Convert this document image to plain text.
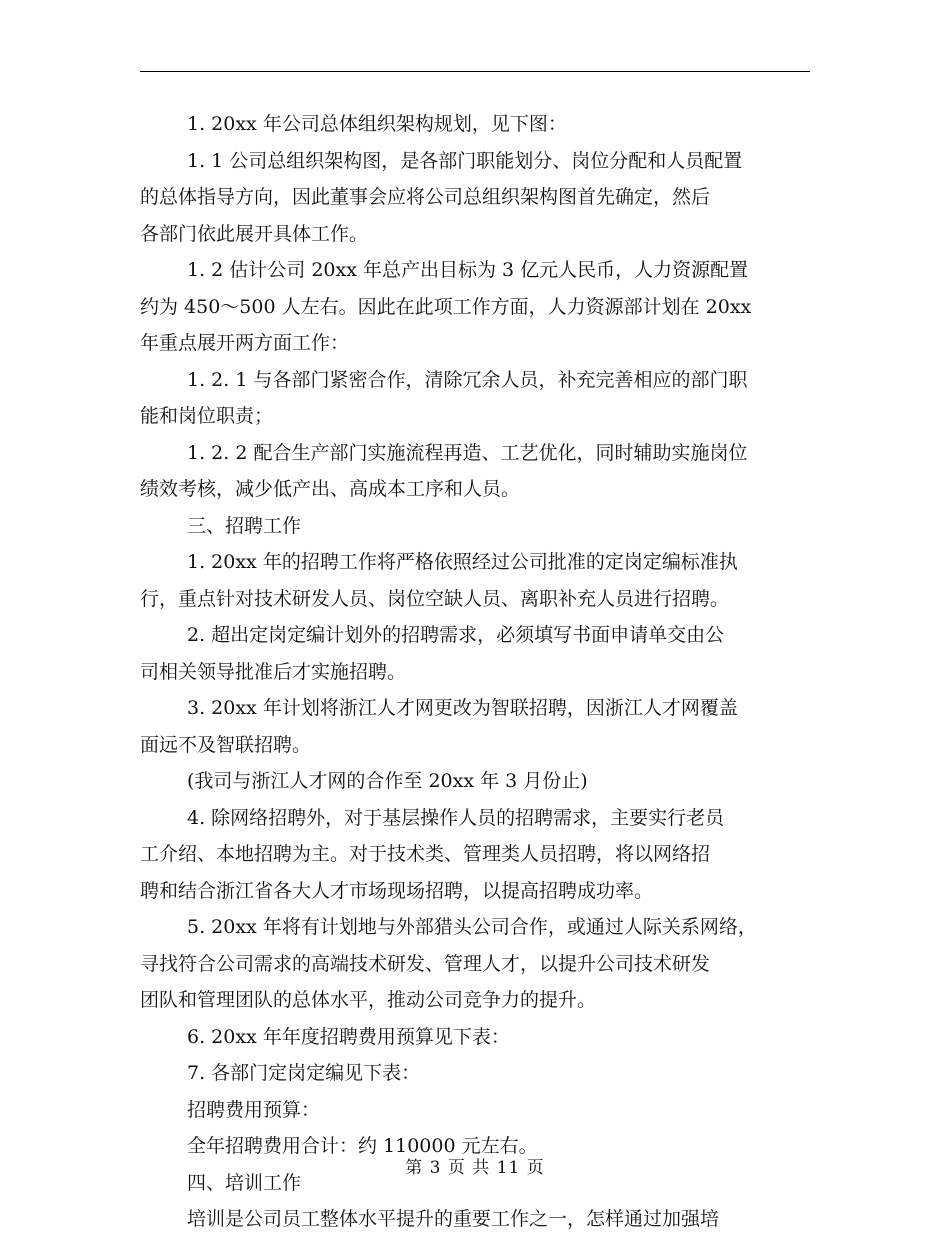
1. 20xx 年公司总体组织架构规划，见下图：
1. 1 公司总组织架构图，是各部门职能划分、岗位分配和人员配置
的总体指导方向，因此董事会应将公司总组织架构图首先确定，然后
各部门依此展开具体工作。
1. 2 估计公司 20xx 年总产出目标为 3 亿元人民币，人力资源配置
约为 450～500 人左右。因此在此项工作方面，人力资源部计划在 20xx
年重点展开两方面工作：
1. 2. 1 与各部门紧密合作，清除冗余人员，补充完善相应的部门职
能和岗位职责；
1. 2. 2 配合生产部门实施流程再造、工艺优化，同时辅助实施岗位
绩效考核，减少低产出、高成本工序和人员。
三、招聘工作
1. 20xx 年的招聘工作将严格依照经过公司批准的定岗定编标准执
行，重点针对技术研发人员、岗位空缺人员、离职补充人员进行招聘。
2. 超出定岗定编计划外的招聘需求，必须填写书面申请单交由公
司相关领导批准后才实施招聘。
3. 20xx 年计划将浙江人才网更改为智联招聘，因浙江人才网覆盖
面远不及智联招聘。
(我司与浙江人才网的合作至 20xx 年 3 月份止)
4. 除网络招聘外，对于基层操作人员的招聘需求，主要实行老员
工介绍、本地招聘为主。对于技术类、管理类人员招聘，将以网络招
聘和结合浙江省各大人才市场现场招聘，以提高招聘成功率。
5. 20xx 年将有计划地与外部猎头公司合作，或通过人际关系网络，
寻找符合公司需求的高端技术研发、管理人才，以提升公司技术研发
团队和管理团队的总体水平，推动公司竞争力的提升。
6. 20xx 年年度招聘费用预算见下表：
7. 各部门定岗定编见下表：
招聘费用预算：
全年招聘费用合计：约 110000 元左右。
四、培训工作
培训是公司员工整体水平提升的重要工作之一，怎样通过加强培
第 3 页 共 11 页
